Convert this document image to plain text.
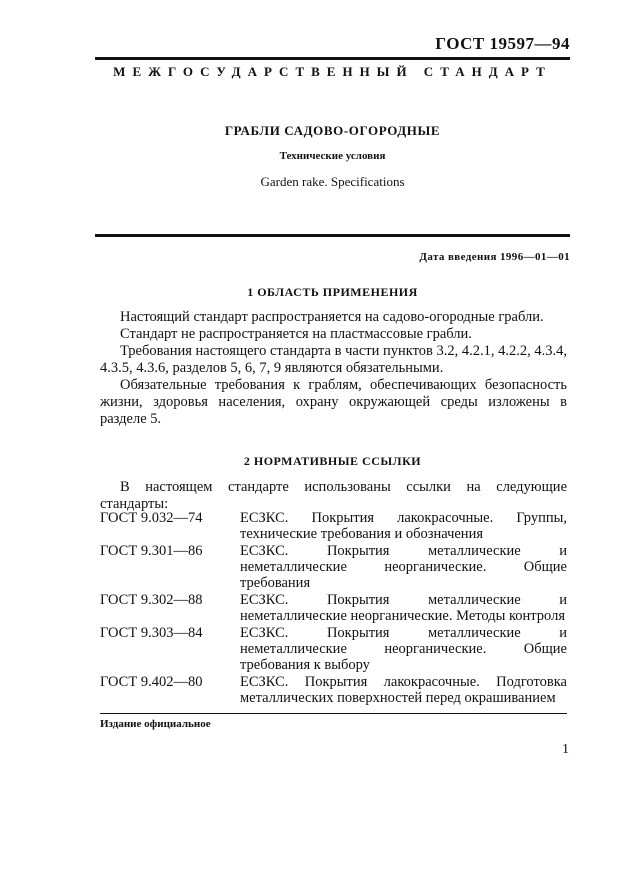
ГОСТ 19597—94
МЕЖГОСУДАРСТВЕННЫЙ СТАНДАРТ
ГРАБЛИ САДОВО-ОГОРОДНЫЕ
Технические условия
Garden rake. Specifications
Дата введения 1996—01—01
1 ОБЛАСТЬ ПРИМЕНЕНИЯ

Настоящий стандарт распространяется на садово-огородные грабли.

Стандарт не распространяется на пластмассовые грабли.

Требования настоящего стандарта в части пунктов 3.2, 4.2.1, 4.2.2, 4.3.4, 4.3.5, 4.3.6, разделов 5, 6, 7, 9 являются обязательными.

Обязательные требования к граблям, обеспечивающих безопасность жизни, здоровья населения, охрану окружающей среды изложены в разделе 5.

2 НОРМАТИВНЫЕ ССЫЛКИ

В настоящем стандарте использованы ссылки на следующие стандарты:

ГОСТ 9.032—74	ЕСЗКС. Покрытия лакокрасочные. Группы, технические требования и обозначения
ГОСТ 9.301—86	ЕСЗКС. Покрытия металлические и неметаллические неорганические. Общие требования
ГОСТ 9.302—88	ЕСЗКС. Покрытия металлические и неметаллические неорганические. Методы контроля
ГОСТ 9.303—84	ЕСЗКС. Покрытия металлические и неметаллические неорганические. Общие требования к выбору
ГОСТ 9.402—80	ЕСЗКС. Покрытия лакокрасочные. Подготовка металлических поверхностей перед окрашиванием
Издание официальное
1
